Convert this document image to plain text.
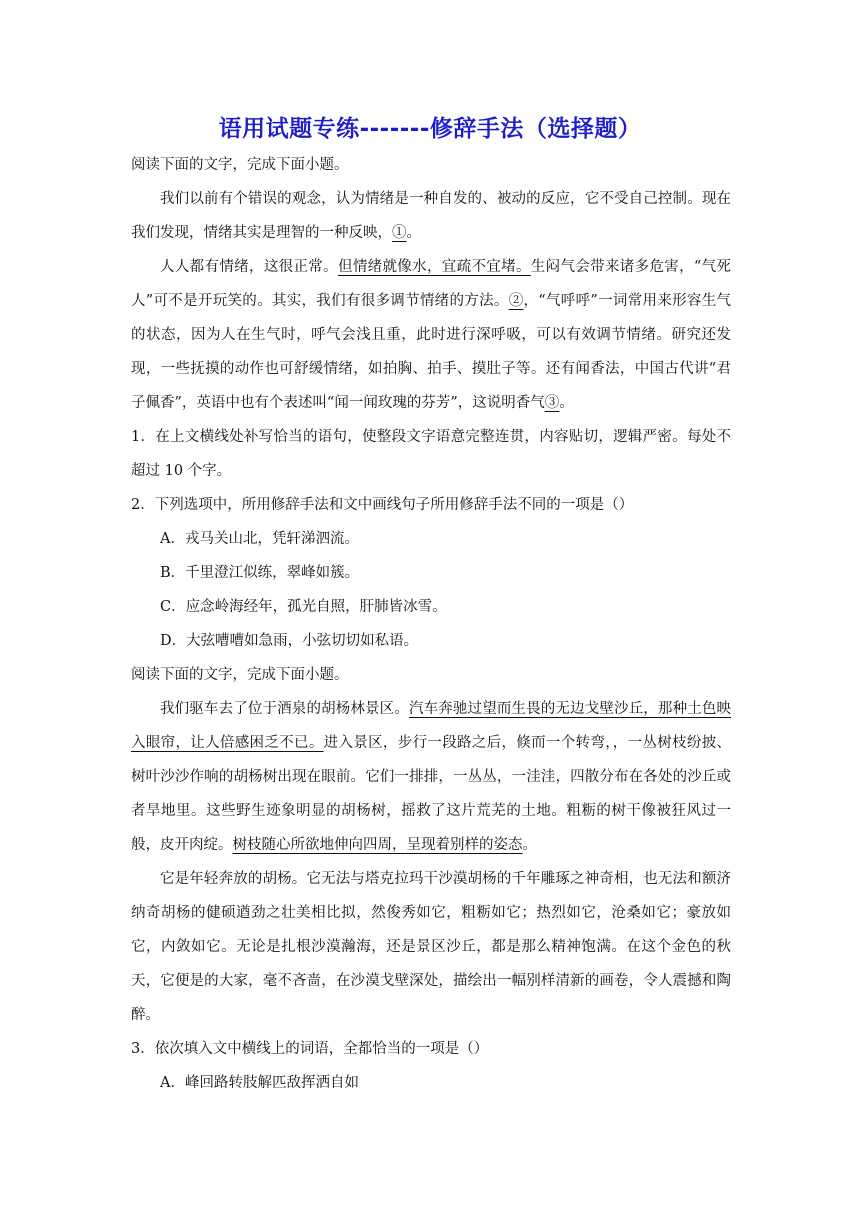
语用试题专练-------修辞手法（选择题）

阅读下面的文字，完成下面小题。

我们以前有个错误的观念，认为情绪是一种自发的、被动的反应，它不受自己控制。现在我们发现，情绪其实是理智的一种反映，①。

人人都有情绪，这很正常。但情绪就像水，宜疏不宜堵。生闷气会带来诸多危害，“气死人”可不是开玩笑的。其实，我们有很多调节情绪的方法。②，“气呼呼”一词常用来形容生气的状态，因为人在生气时，呼气会浅且重，此时进行深呼吸，可以有效调节情绪。研究还发现，一些抚摸的动作也可舒缓情绪，如拍胸、拍手、摸肚子等。还有闻香法，中国古代讲“君子佩香”，英语中也有个表述叫“闻一闻玫瑰的芬芳”，这说明香气③。

1．在上文横线处补写恰当的语句，使整段文字语意完整连贯，内容贴切，逻辑严密。每处不超过 10 个字。

2．下列选项中，所用修辞手法和文中画线句子所用修辞手法不同的一项是（）

A．戎马关山北，凭轩涕泗流。

B．千里澄江似练，翠峰如簇。

C．应念岭海经年，孤光自照，肝肺皆冰雪。

D．大弦嘈嘈如急雨，小弦切切如私语。

阅读下面的文字，完成下面小题。

我们驱车去了位于酒泉的胡杨林景区。汽车奔驰过望而生畏的无边戈壁沙丘，那种土色映入眼帘，让人倍感困乏不已。进入景区，步行一段路之后，倏而一个转弯，，一丛树枝纷披、树叶沙沙作响的胡杨树出现在眼前。它们一排排，一丛丛，一洼洼，四散分布在各处的沙丘或者旱地里。这些野生迹象明显的胡杨树，摇救了这片荒芜的土地。粗粝的树干像被狂风过一般，皮开肉绽。树枝随心所欲地伸向四周，呈现着别样的姿态。

它是年轻奔放的胡杨。它无法与塔克拉玛干沙漠胡杨的千年雕琢之神奇相，也无法和额济纳奇胡杨的健硕遒劲之壮美相比拟，然俊秀如它，粗粝如它；热烈如它，沧桑如它；豪放如它，内敛如它。无论是扎根沙漠瀚海，还是景区沙丘，都是那么精神饱满。在这个金色的秋天，它便是的大家，毫不吝啬，在沙漠戈壁深处，描绘出一幅别样清新的画卷，令人震撼和陶醉。

3．依次填入文中横线上的词语，全都恰当的一项是（）

A．峰回路转肢解匹敌挥洒自如
